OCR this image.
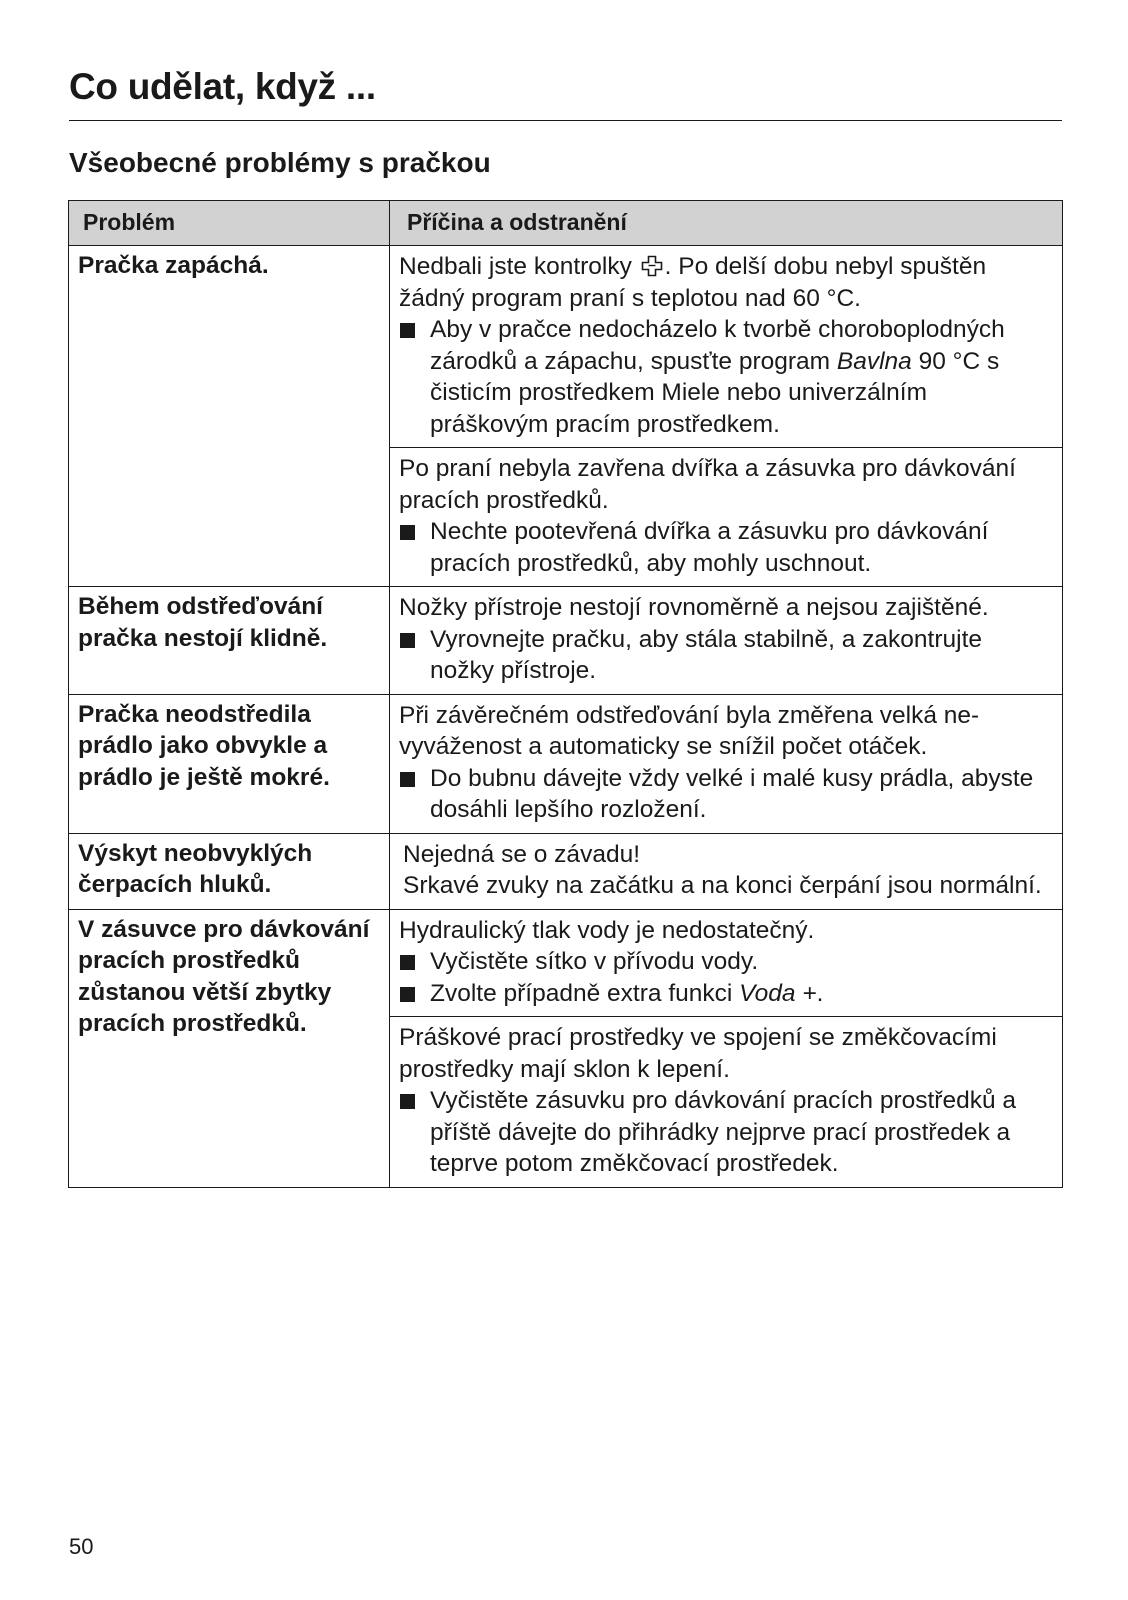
Co udělat, když ...
Všeobecné problémy s pračkou
Problém	Příčina a odstranění
Pračka zapáchá.	Nedbali jste kontrolky . Po delší dobu nebyl spuštěn žádný program praní s teplotou nad 60 °C.
Aby v pračce nedocházelo k tvorbě choroboplodných zárodků a zápachu, spusťte program Bavlna 90 °C s čisticím prostředkem Miele nebo univerzálním práškovým pracím prostředkem.

	Po praní nebyla zavřena dvířka a zásuvka pro dávkování pracích prostředků.
Nechte pootevřená dvířka a zásuvku pro dávkování pracích prostředků, aby mohly uschnout.

Během odstřeďování pračka nestojí klidně.	Nožky přístroje nestojí rovnoměrně a nejsou zajištěné.
Vyrovnejte pračku, aby stála stabilně, a zakontrujte nožky přístroje.

Pračka neodstředila prádlo jako obvykle a prádlo je ještě mokré.	Při závěrečném odstřeďování byla změřena velká nevyváženost a automaticky se snížil počet otáček.
Do bubnu dávejte vždy velké i malé kusy prádla, abyste dosáhli lepšího rozložení.

Výskyt neobvyklých čerpacích hluků.	Nejedná se o závadu!
Srkavé zvuky na začátku a na konci čerpání jsou normální.

V zásuvce pro dávkování pracích prostředků zůstanou větší zbytky pracích prostředků.	Hydraulický tlak vody je nedostatečný.
Vyčistěte sítko v přívodu vody.
Zvolte případně extra funkci Voda +.

	Práškové prací prostředky ve spojení se změkčovacími prostředky mají sklon k lepení.
Vyčistěte zásuvku pro dávkování pracích prostředků a příště dávejte do přihrádky nejprve prací prostředek a teprve potom změkčovací prostředek.
50
